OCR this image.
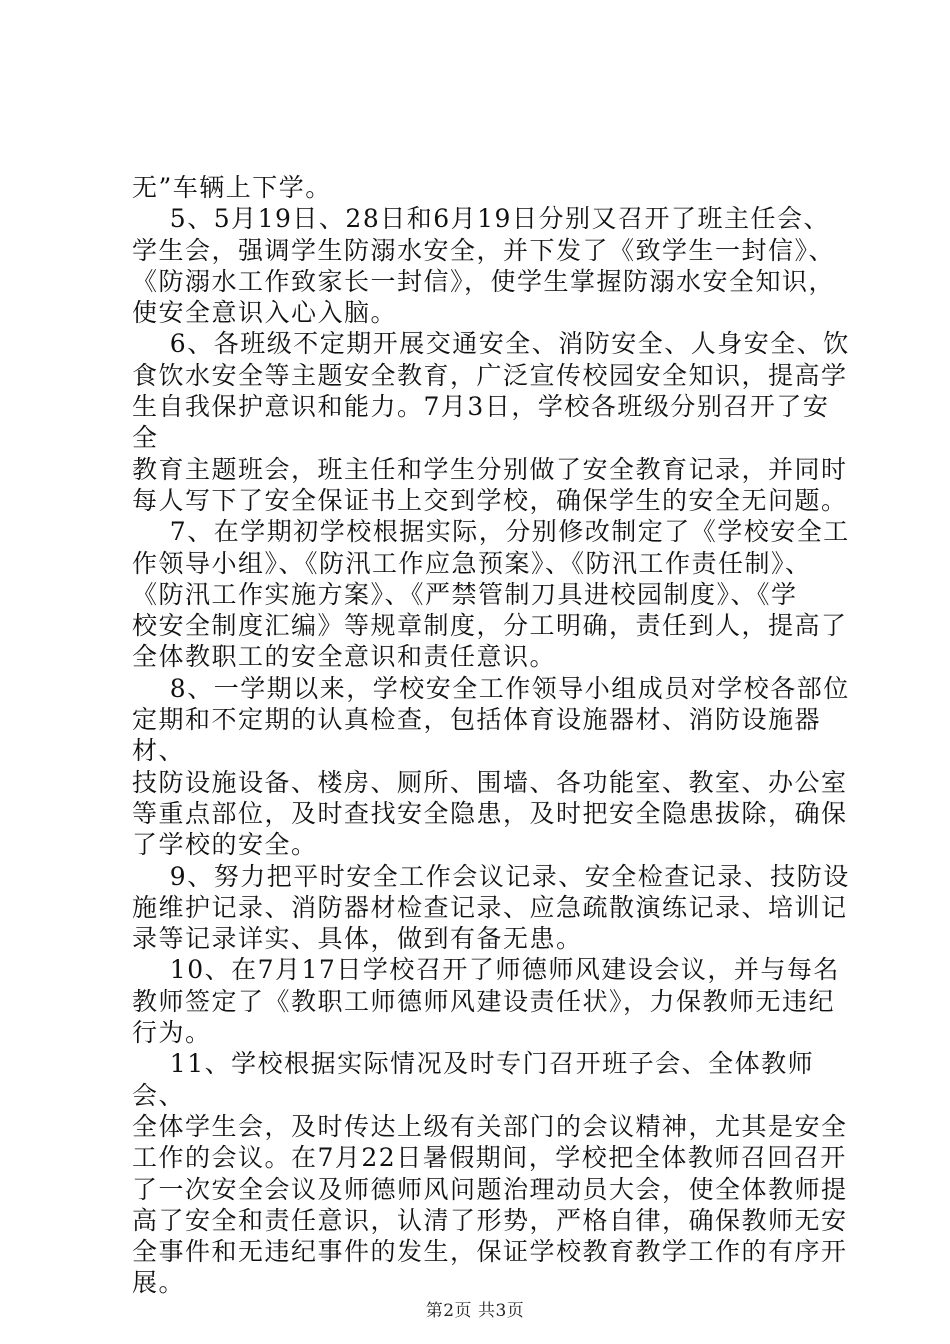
无”车辆上下学。

5、5月19日、28日和6月19日分别又召开了班主任会、
学生会，强调学生防溺水安全，并下发了《致学生一封信》、
《防溺水工作致家长一封信》，使学生掌握防溺水安全知识，
使安全意识入心入脑。

6、各班级不定期开展交通安全、消防安全、人身安全、饮
食饮水安全等主题安全教育，广泛宣传校园安全知识，提高学
生自我保护意识和能力。7月3日，学校各班级分别召开了安全
教育主题班会，班主任和学生分别做了安全教育记录，并同时
每人写下了安全保证书上交到学校，确保学生的安全无问题。

7、在学期初学校根据实际，分别修改制定了《学校安全工
作领导小组》、《防汛工作应急预案》、《防汛工作责任制》、
《防汛工作实施方案》、《严禁管制刀具进校园制度》、《学
校安全制度汇编》等规章制度，分工明确，责任到人，提高了
全体教职工的安全意识和责任意识。

8、一学期以来，学校安全工作领导小组成员对学校各部位
定期和不定期的认真检查，包括体育设施器材、消防设施器材、
技防设施设备、楼房、厕所、围墙、各功能室、教室、办公室
等重点部位，及时查找安全隐患，及时把安全隐患拔除，确保
了学校的安全。

9、努力把平时安全工作会议记录、安全检查记录、技防设
施维护记录、消防器材检查记录、应急疏散演练记录、培训记
录等记录详实、具体，做到有备无患。

10、在7月17日学校召开了师德师风建设会议，并与每名
教师签定了《教职工师德师风建设责任状》，力保教师无违纪
行为。

11、学校根据实际情况及时专门召开班子会、全体教师会、
全体学生会，及时传达上级有关部门的会议精神，尤其是安全
工作的会议。在7月22日暑假期间，学校把全体教师召回召开
了一次安全会议及师德师风问题治理动员大会，使全体教师提
高了安全和责任意识，认清了形势，严格自律，确保教师无安
全事件和无违纪事件的发生，保证学校教育教学工作的有序开
展。

第2页 共3页
